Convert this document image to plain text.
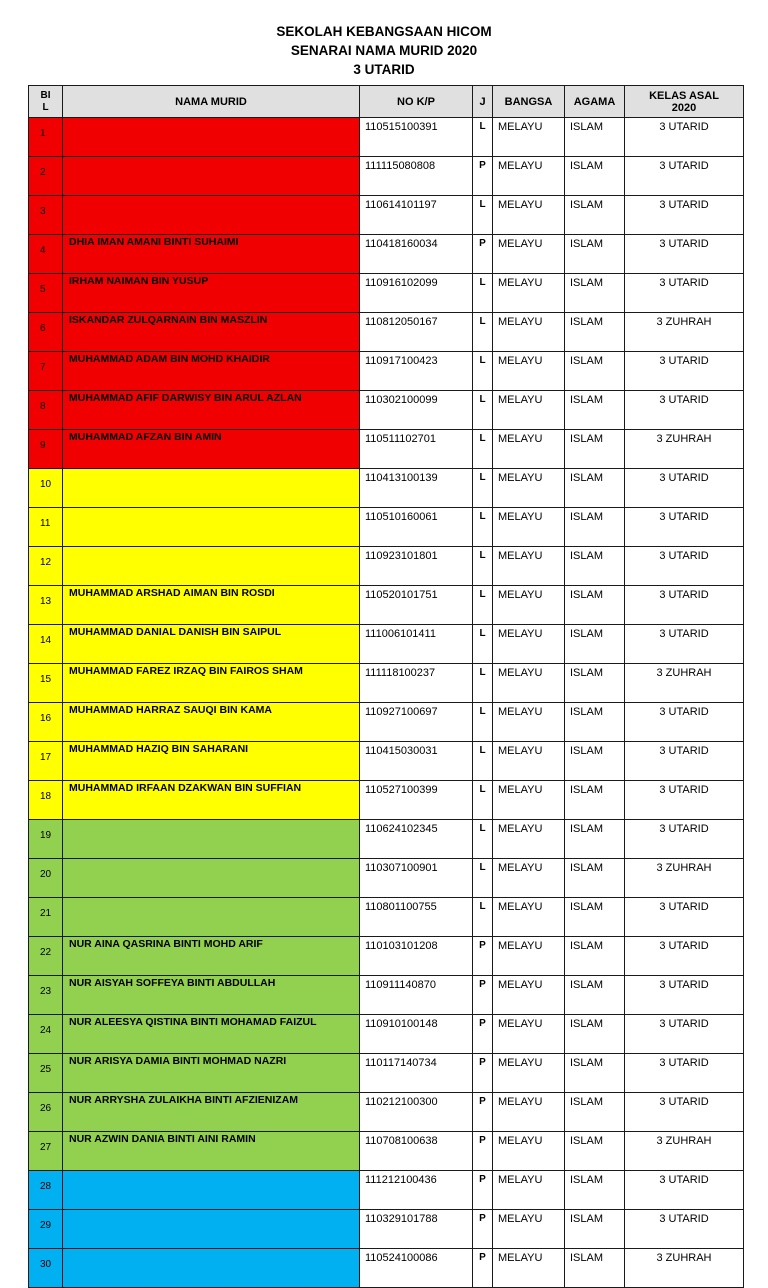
SEKOLAH KEBANGSAAN HICOM
SENARAI NAMA MURID 2020
3 UTARID
BI
L	NAMA MURID	NO K/P	J	BANGSA	AGAMA	KELAS ASAL
2020
1		110515100391	L	MELAYU	ISLAM	3 UTARID
2		111115080808	P	MELAYU	ISLAM	3 UTARID
3		110614101197	L	MELAYU	ISLAM	3 UTARID
4	DHIA IMAN AMANI BINTI SUHAIMI	110418160034	P	MELAYU	ISLAM	3 UTARID
5	IRHAM NAIMAN BIN YUSUP	110916102099	L	MELAYU	ISLAM	3 UTARID
6	ISKANDAR ZULQARNAIN BIN MASZLIN	110812050167	L	MELAYU	ISLAM	3 ZUHRAH
7	MUHAMMAD ADAM BIN MOHD KHAIDIR	110917100423	L	MELAYU	ISLAM	3 UTARID
8	MUHAMMAD AFIF DARWISY BIN ARUL AZLAN	110302100099	L	MELAYU	ISLAM	3 UTARID
9	MUHAMMAD AFZAN BIN AMIN	110511102701	L	MELAYU	ISLAM	3 ZUHRAH
10		110413100139	L	MELAYU	ISLAM	3 UTARID
11		110510160061	L	MELAYU	ISLAM	3 UTARID
12		110923101801	L	MELAYU	ISLAM	3 UTARID
13	MUHAMMAD ARSHAD AIMAN BIN ROSDI	110520101751	L	MELAYU	ISLAM	3 UTARID
14	MUHAMMAD DANIAL DANISH BIN SAIPUL	111006101411	L	MELAYU	ISLAM	3 UTARID
15	MUHAMMAD FAREZ IRZAQ BIN FAIROS SHAM	111118100237	L	MELAYU	ISLAM	3 ZUHRAH
16	MUHAMMAD HARRAZ SAUQI BIN KAMA	110927100697	L	MELAYU	ISLAM	3 UTARID
17	MUHAMMAD HAZIQ BIN SAHARANI	110415030031	L	MELAYU	ISLAM	3 UTARID
18	MUHAMMAD IRFAAN DZAKWAN BIN SUFFIAN	110527100399	L	MELAYU	ISLAM	3 UTARID
19		110624102345	L	MELAYU	ISLAM	3 UTARID
20		110307100901	L	MELAYU	ISLAM	3 ZUHRAH
21		110801100755	L	MELAYU	ISLAM	3 UTARID
22	NUR AINA QASRINA BINTI MOHD ARIF	110103101208	P	MELAYU	ISLAM	3 UTARID
23	NUR AISYAH SOFFEYA BINTI ABDULLAH	110911140870	P	MELAYU	ISLAM	3 UTARID
24	NUR ALEESYA QISTINA BINTI MOHAMAD FAIZUL	110910100148	P	MELAYU	ISLAM	3 UTARID
25	NUR ARISYA DAMIA BINTI MOHMAD NAZRI	110117140734	P	MELAYU	ISLAM	3 UTARID
26	NUR ARRYSHA ZULAIKHA BINTI AFZIENIZAM	110212100300	P	MELAYU	ISLAM	3 UTARID
27	NUR AZWIN DANIA BINTI AINI RAMIN	110708100638	P	MELAYU	ISLAM	3 ZUHRAH
28		111212100436	P	MELAYU	ISLAM	3 UTARID
29		110329101788	P	MELAYU	ISLAM	3 UTARID
30		110524100086	P	MELAYU	ISLAM	3 ZUHRAH
